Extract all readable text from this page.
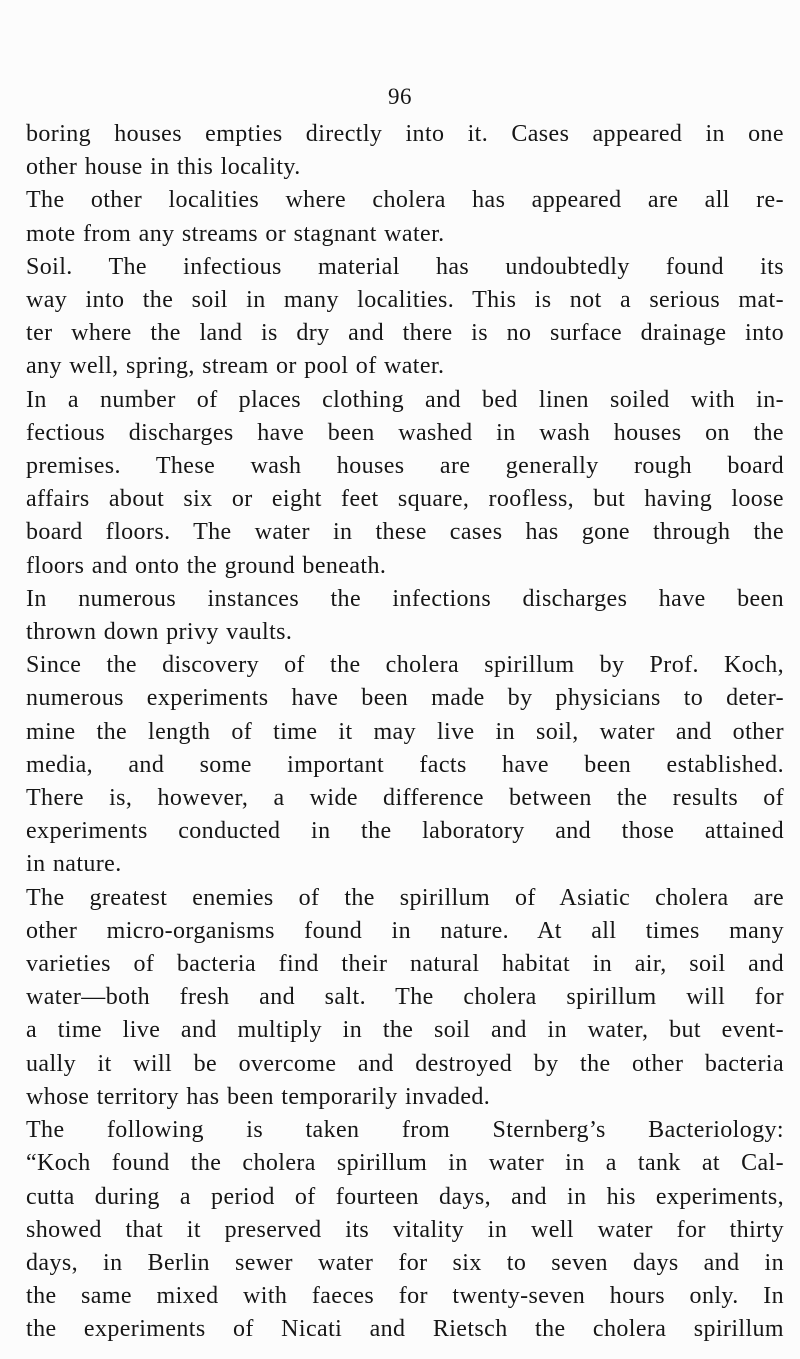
96

boring houses empties directly into it. Cases appeared in one

other house in this locality.

The other localities where cholera has appeared are all re-

mote from any streams or stagnant water.

Soil. The infectious material has undoubtedly found its

way into the soil in many localities. This is not a serious mat-

ter where the land is dry and there is no surface drainage into

any well, spring, stream or pool of water.

In a number of places clothing and bed linen soiled with in-

fectious discharges have been washed in wash houses on the

premises. These wash houses are generally rough board

affairs about six or eight feet square, roofless, but having loose

board floors. The water in these cases has gone through the

floors and onto the ground beneath.

In numerous instances the infections discharges have been

thrown down privy vaults.

Since the discovery of the cholera spirillum by Prof. Koch,

numerous experiments have been made by physicians to deter-

mine the length of time it may live in soil, water and other

media, and some important facts have been established.

There is, however, a wide difference between the results of

experiments conducted in the laboratory and those attained

in nature.

The greatest enemies of the spirillum of Asiatic cholera are

other micro-organisms found in nature. At all times many

varieties of bacteria find their natural habitat in air, soil and

water—both fresh and salt. The cholera spirillum will for

a time live and multiply in the soil and in water, but event-

ually it will be overcome and destroyed by the other bacteria

whose territory has been temporarily invaded.

The following is taken from Sternberg’s Bacteriology:

“Koch found the cholera spirillum in water in a tank at Cal-

cutta during a period of fourteen days, and in his experiments,

showed that it preserved its vitality in well water for thirty

days, in Berlin sewer water for six to seven days and in

the same mixed with faeces for twenty-seven hours only. In

the experiments of Nicati and Rietsch the cholera spirillum
